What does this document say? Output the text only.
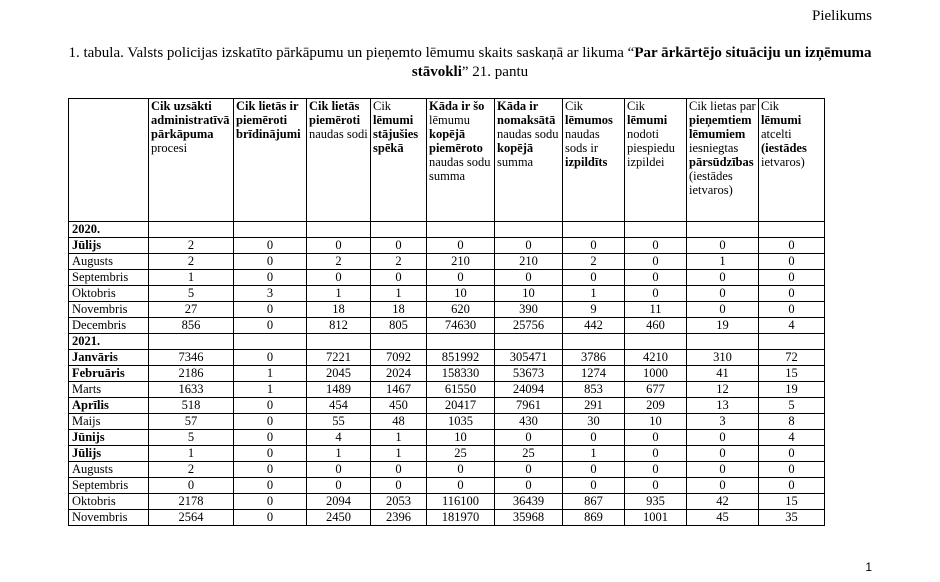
Pielikums
1. tabula. Valsts policijas izskatīto pārkāpumu un pieņemto lēmumu skaits saskaņā ar likuma “Par ārkārtējo situāciju un izņēmuma stāvokli” 21. pantu
	Cik uzsākti administratīvā pārkāpuma procesi	Cik lietās ir piemēroti brīdinājumi	Cik lietās piemēroti naudas sodi	Cik lēmumi stājušies spēkā	Kāda ir šo lēmumu kopējā piemēroto naudas sodu summa	Kāda ir nomaksātā naudas sodu kopējā summa	Cik lēmumos naudas sods ir izpildīts	Cik lēmumi nodoti piespiedu izpildei	Cik lietas par pieņemtiem lēmumiem iesniegtas pārsūdzības (iestādes ietvaros)	Cik lēmumi atcelti (iestādes ietvaros)
2020.										
Jūlijs	2	0	0	0	0	0	0	0	0	0
Augusts	2	0	2	2	210	210	2	0	1	0
Septembris	1	0	0	0	0	0	0	0	0	0
Oktobris	5	3	1	1	10	10	1	0	0	0
Novembris	27	0	18	18	620	390	9	11	0	0
Decembris	856	0	812	805	74630	25756	442	460	19	4
2021.										
Janvāris	7346	0	7221	7092	851992	305471	3786	4210	310	72
Februāris	2186	1	2045	2024	158330	53673	1274	1000	41	15
Marts	1633	1	1489	1467	61550	24094	853	677	12	19
Aprīlis	518	0	454	450	20417	7961	291	209	13	5
Maijs	57	0	55	48	1035	430	30	10	3	8
Jūnijs	5	0	4	1	10	0	0	0	0	4
Jūlijs	1	0	1	1	25	25	1	0	0	0
Augusts	2	0	0	0	0	0	0	0	0	0
Septembris	0	0	0	0	0	0	0	0	0	0
Oktobris	2178	0	2094	2053	116100	36439	867	935	42	15
Novembris	2564	0	2450	2396	181970	35968	869	1001	45	35
1
